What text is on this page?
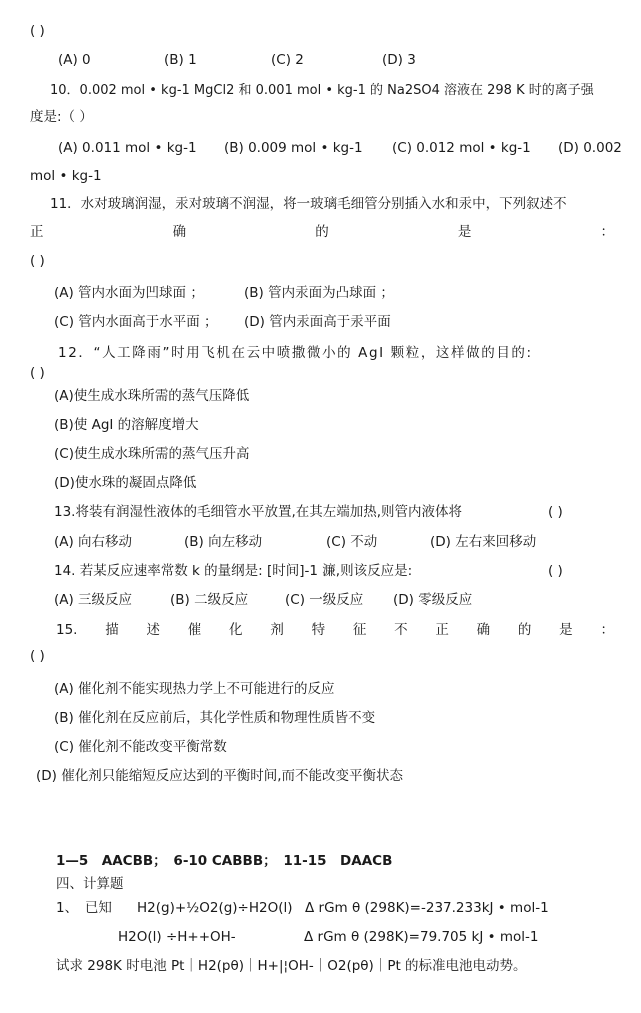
( )
(A) 0	(B) 1	(C) 2	(D) 3
10．0.002 mol • kg-1 MgCl2 和 0.001 mol • kg-1 的 Na2SO4 溶液在 298 K 时的离子强
度是:（ ）
(A) 0.011 mol • kg-1 (B) 0.009 mol • kg-1 (C) 0.012 mol • kg-1 (D) 0.002
mol • kg-1
11．水对玻璃润湿，汞对玻璃不润湿，将一玻璃毛细管分别插入水和汞中，下列叙述不
正	确	的	是	：
( )
(A) 管内水面为凹球面 ；	(B) 管内汞面为凸球面 ；
(C) 管内水面高于水平面 ； (D) 管内汞面高于汞平面
12．“人工降雨”时用飞机在云中喷撒微小的 AgI 颗粒，这样做的目的:
( )
(A)使生成水珠所需的蒸气压降低
(B)使 AgI 的溶解度增大
(C)使生成水珠所需的蒸气压升高
(D)使水珠的凝固点降低
13.将装有润湿性液体的毛细管水平放置,在其左端加热,则管内液体将	( )
(A) 向右移动	(B) 向左移动	(C) 不动	(D) 左右来回移动
14. 若某反应速率常数 k 的量纲是: [时间]-1 濂,则该反应是:	( )
(A) 三级反应	(B) 二级反应	(C) 一级反应 (D) 零级反应
15. 描 述 催 化 剂 特 征 不 正 确 的 是 ：
( )
(A) 催化剂不能实现热力学上不可能进行的反应
(B) 催化剂在反应前后，其化学性质和物理性质皆不变
(C) 催化剂不能改变平衡常数
(D) 催化剂只能缩短反应达到的平衡时间,而不能改变平衡状态
1—5　AACBB；　6-10 CABBB；　11-15　DAACB
四、计算题
1、　已知 H2(g)+½O2(g)÷H2O(l) Δ rGm θ (298K)=-237.233kJ • mol-1
H2O(l) ÷H++OH-	Δ rGm θ (298K)=79.705 kJ • mol-1
试求 298K 时电池 Pt｜H2(pθ)｜H+|¦OH-｜O2(pθ)｜Pt 的标准电池电动势。
